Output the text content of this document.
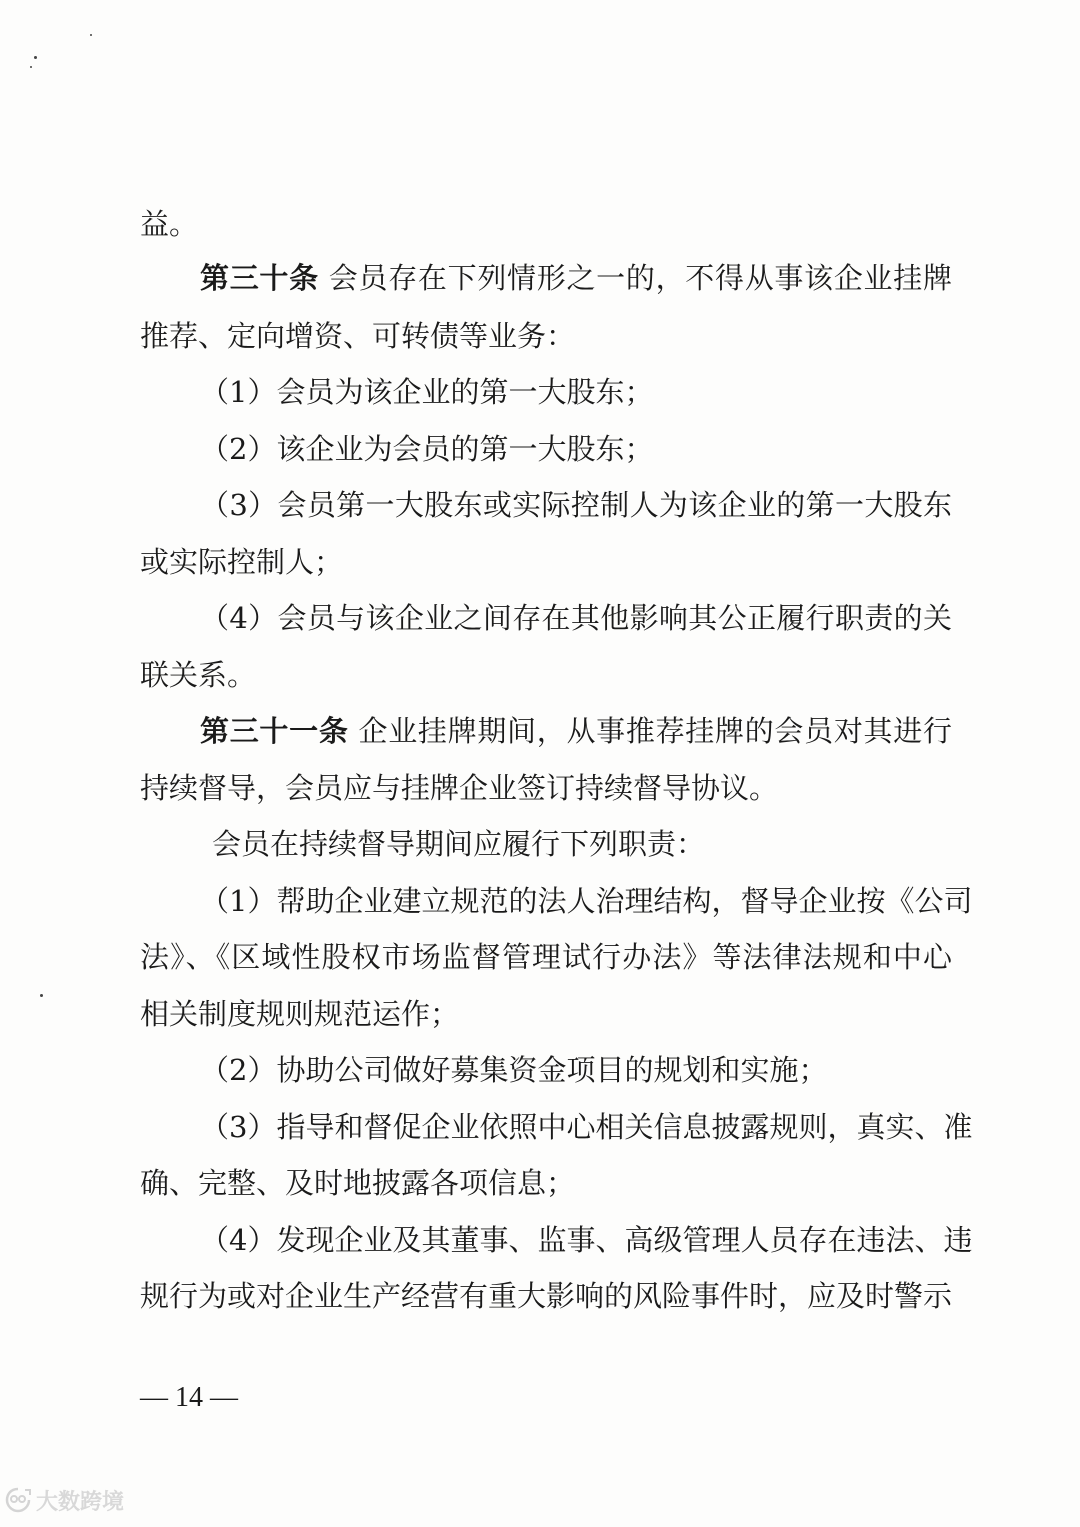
益。
第三十条 会员存在下列情形之一的，不得从事该企业挂牌
推荐、定向增资、可转债等业务：
（1）会员为该企业的第一大股东；
（2）该企业为会员的第一大股东；
（3）会员第一大股东或实际控制人为该企业的第一大股东
或实际控制人；
（4）会员与该企业之间存在其他影响其公正履行职责的关
联关系。
第三十一条 企业挂牌期间，从事推荐挂牌的会员对其进行
持续督导，会员应与挂牌企业签订持续督导协议。
会员在持续督导期间应履行下列职责：
（1）帮助企业建立规范的法人治理结构，督导企业按《公司
法》、《区域性股权市场监督管理试行办法》等法律法规和中心
相关制度规则规范运作；
（2）协助公司做好募集资金项目的规划和实施；
（3）指导和督促企业依照中心相关信息披露规则，真实、准
确、完整、及时地披露各项信息；
（4）发现企业及其董事、监事、高级管理人员存在违法、违
规行为或对企业生产经营有重大影响的风险事件时，应及时警示
— 14 —
大数跨境
